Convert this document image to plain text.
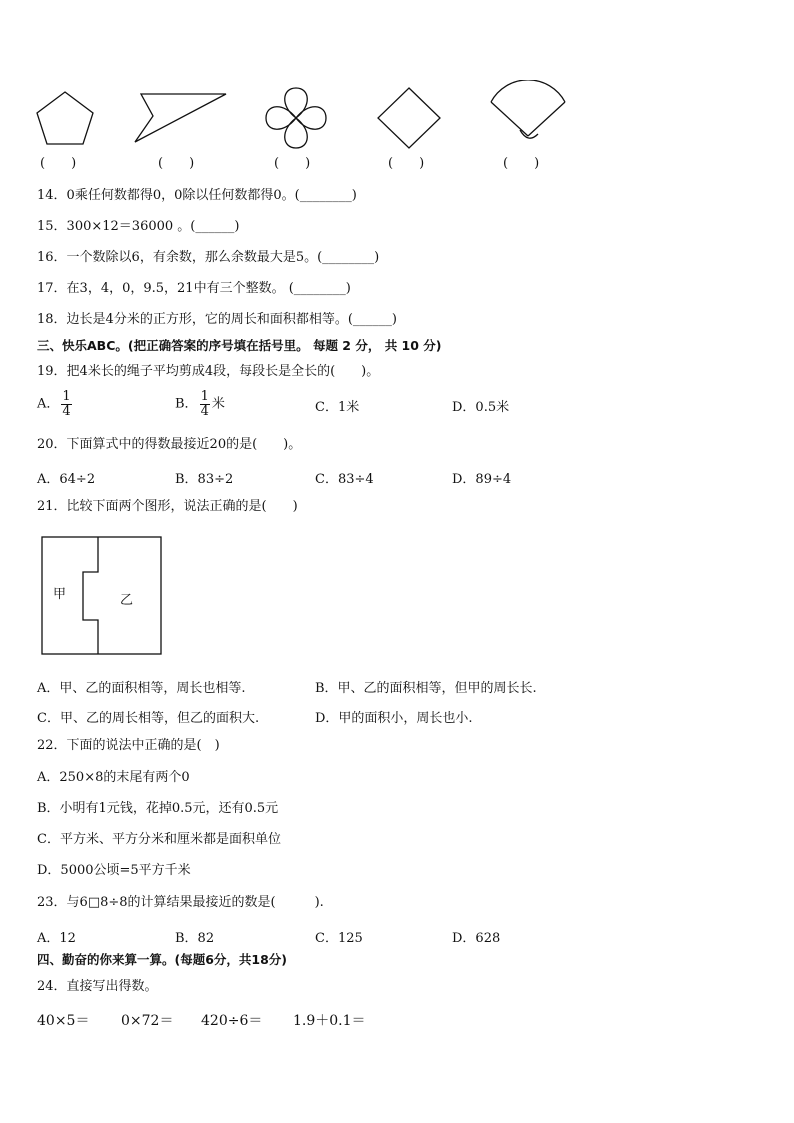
(　　)	(　　)	(　　)	(　　)	(　　)
14．0乘任何数都得0，0除以任何数都得0。(________)
15．300×12＝36000 。(______)
16．一个数除以6，有余数，那么余数最大是5。(________)
17．在3，4，0，9.5，21中有三个整数。 (________)
18．边长是4分米的正方形，它的周长和面积都相等。(______)
三、快乐ABC。(把正确答案的序号填在括号里。 每题 2 分， 共 10 分)
19．把4米长的绳子平均剪成4段，每段长是全长的(　　)。
A． $\frac{1}{4}$	B． $\frac{1}{4}$ 米	C．1米	D．0.5米
20．下面算式中的得数最接近20的是(　　)。
A．64÷2	B．83÷2	C．83÷4	D．89÷4
21．比较下面两个图形，说法正确的是(　　)
甲	乙
A．甲、乙的面积相等，周长也相等.	B．甲、乙的面积相等，但甲的周长长.
C．甲、乙的周长相等，但乙的面积大.	D．甲的面积小，周长也小.
22．下面的说法中正确的是(　)
A．250×8的末尾有两个0
B．小明有1元钱，花掉0.5元，还有0.5元
C．平方米、平方分米和厘米都是面积单位
D．5000公顷=5平方千米
23．与6□8÷8的计算结果最接近的数是(　　　).
A．12	B．82	C．125	D．628
四、勤奋的你来算一算。(每题6分，共18分)
24．直接写出得数。
40×5＝ 0×72＝ 420÷6＝ 1.9＋0.1＝
